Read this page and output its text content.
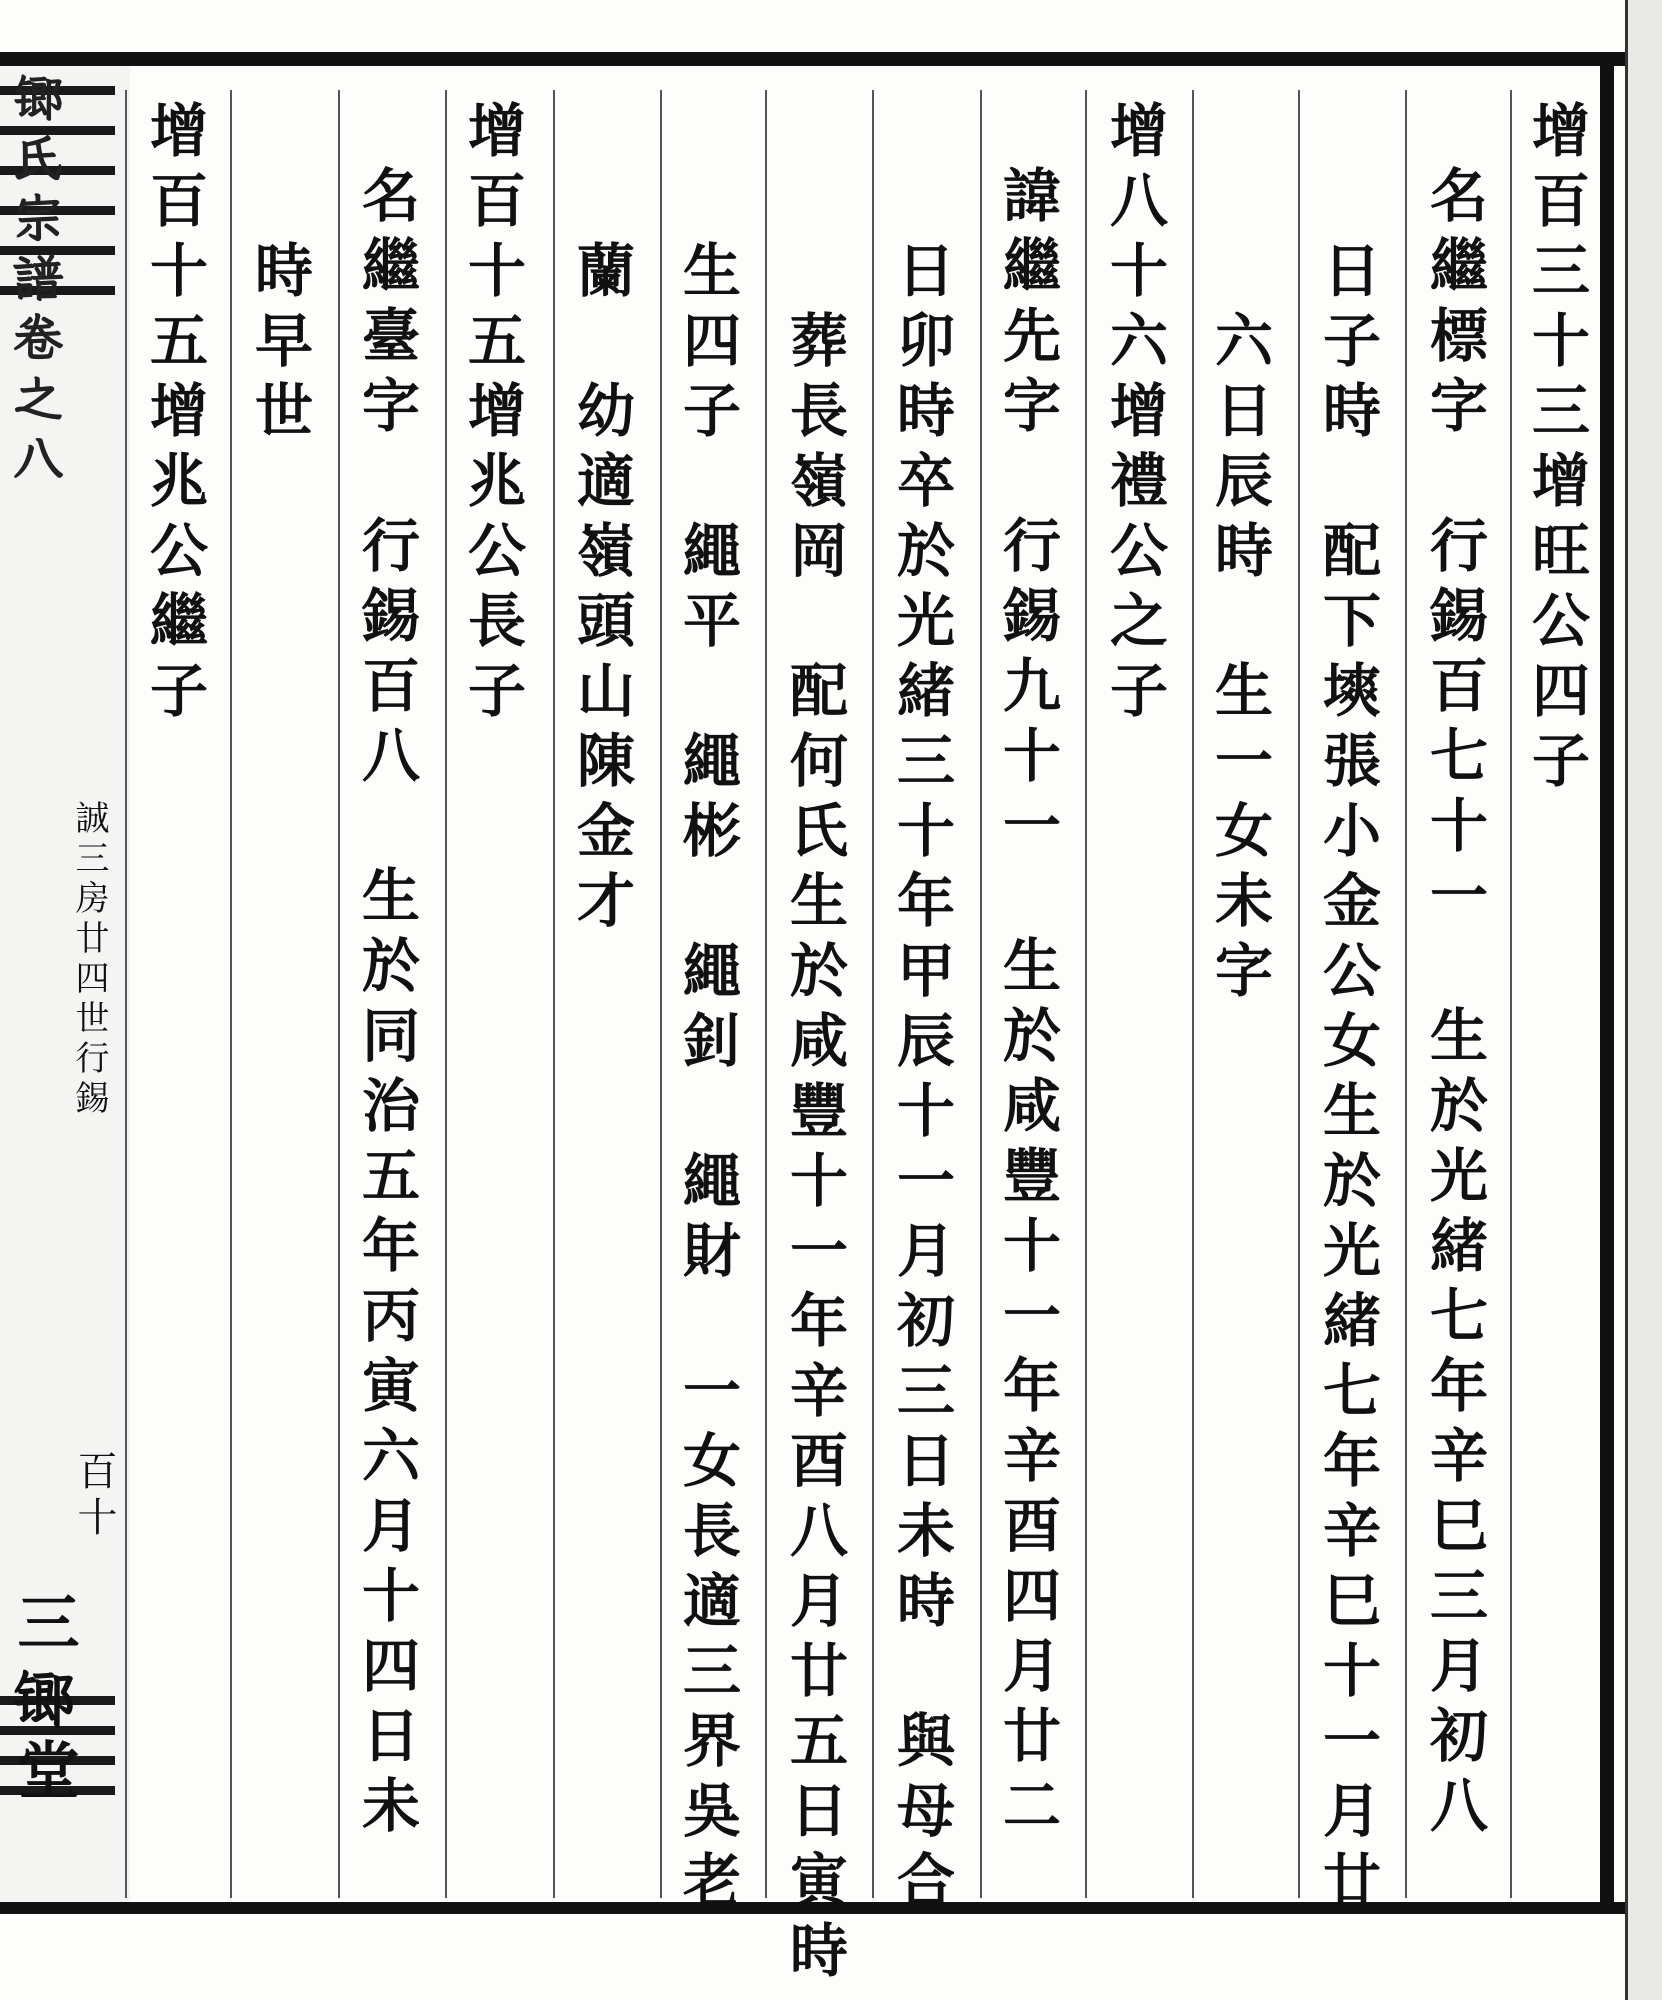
𨱍氏宗譜卷之八
誠三房廿四世行錫
百十
三𨱍堂
增百三十三增旺公四子
名繼標字　行錫百七十一　生於光緒七年辛巳三月初八
日子時　配下塽張小金公女生於光緒七年辛巳十一月廿
六日辰時　生一女未字
增八十六增禮公之子
諱繼先字　行錫九十一　生於咸豐十一年辛酉四月廿二
日卯時卒於光緒三十年甲辰十一月初三日未時　與母合
葬長嶺岡　配何氏生於咸豐十一年辛酉八月廿五日寅時
生四子　繩平　繩彬　繩釗　繩財　一女長適三界吳老
蘭　幼適嶺頭山陳金才
增百十五增兆公長子
名繼臺字　行錫百八　生於同治五年丙寅六月十四日未
時早世
增百十五增兆公繼子
